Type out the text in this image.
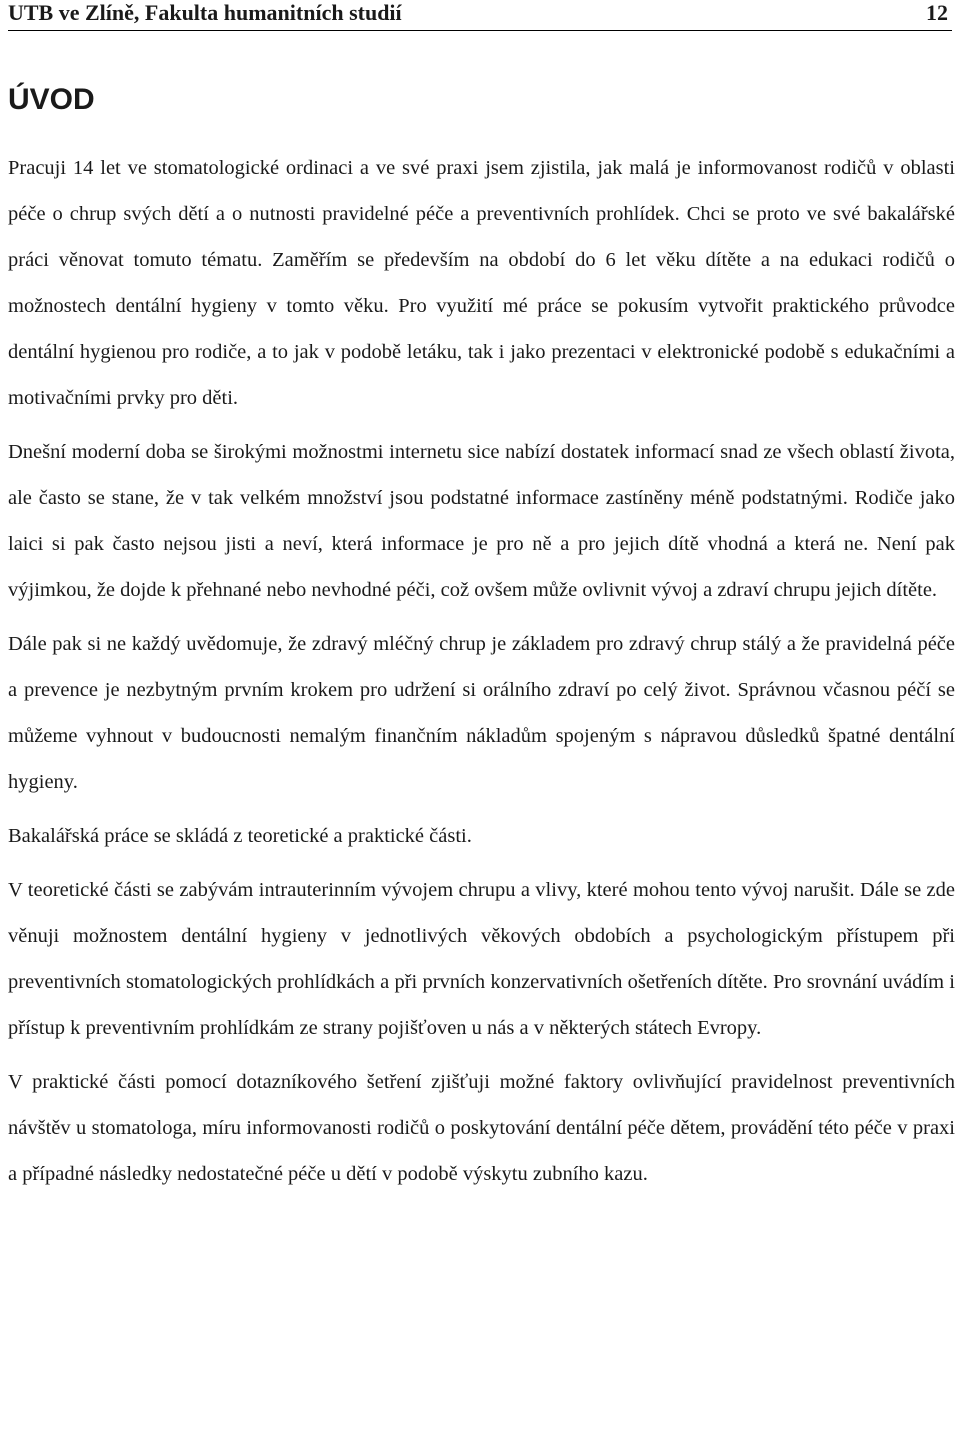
UTB ve Zlíně, Fakulta humanitních studií	12
ÚVOD

Pracuji 14 let ve stomatologické ordinaci a ve své praxi jsem zjistila, jak malá je informovanost rodičů v oblasti péče o chrup svých dětí a o nutnosti pravidelné péče a preventivních prohlídek. Chci se proto ve své bakalářské práci věnovat tomuto tématu. Zaměřím se především na období do 6 let věku dítěte a na edukaci rodičů o možnostech dentální hygieny v tomto věku. Pro využití mé práce se pokusím vytvořit praktického průvodce dentální hygienou pro rodiče, a to jak v podobě letáku, tak i jako prezentaci v elektronické podobě s edukačními a motivačními prvky pro děti.

Dnešní moderní doba se širokými možnostmi internetu sice nabízí dostatek informací snad ze všech oblastí života, ale často se stane, že v tak velkém množství jsou podstatné informace zastíněny méně podstatnými. Rodiče jako laici si pak často nejsou jisti a neví, která informace je pro ně a pro jejich dítě vhodná a která ne. Není pak výjimkou, že dojde k přehnané nebo nevhodné péči, což ovšem může ovlivnit vývoj a zdraví chrupu jejich dítěte.

Dále pak si ne každý uvědomuje, že zdravý mléčný chrup je základem pro zdravý chrup stálý a že pravidelná péče a prevence je nezbytným prvním krokem pro udržení si orálního zdraví po celý život. Správnou včasnou péčí se můžeme vyhnout v budoucnosti nemalým finančním nákladům spojeným s nápravou důsledků špatné dentální hygieny.

Bakalářská práce se skládá z teoretické a praktické části.

V teoretické části se zabývám intrauterinním vývojem chrupu a vlivy, které mohou tento vývoj narušit. Dále se zde věnuji možnostem dentální hygieny v jednotlivých věkových obdobích a psychologickým přístupem při preventivních stomatologických prohlídkách a při prvních konzervativních ošetřeních dítěte. Pro srovnání uvádím i přístup k preventivním prohlídkám ze strany pojišťoven u nás a v některých státech Evropy.

V praktické části pomocí dotazníkového šetření zjišťuji možné faktory ovlivňující pravidelnost preventivních návštěv u stomatologa, míru informovanosti rodičů o poskytování dentální péče dětem, provádění této péče v praxi a případné následky nedostatečné péče u dětí v podobě výskytu zubního kazu.
